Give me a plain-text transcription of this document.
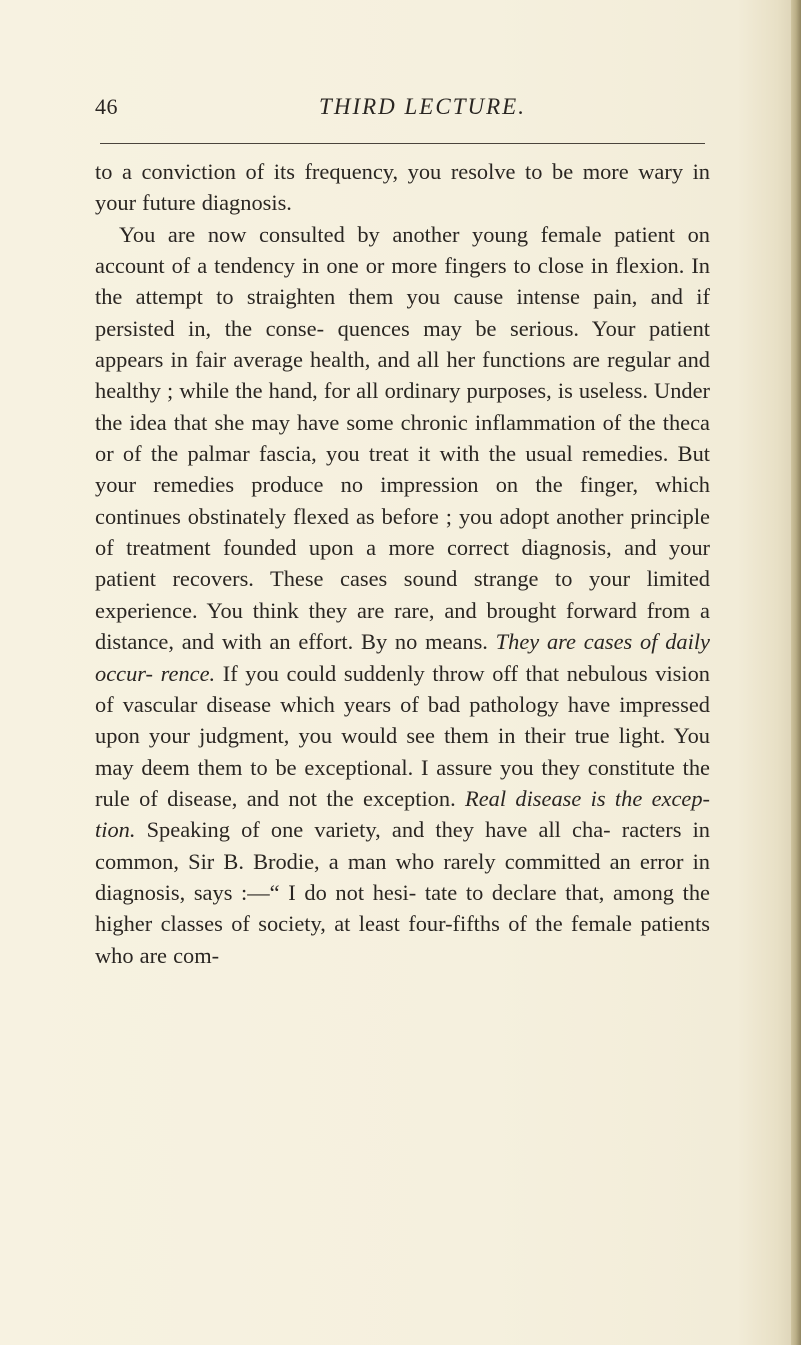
46	THIRD LECTURE.

to a conviction of its frequency, you resolve to be more wary in your future diagnosis.

You are now consulted by another young female patient on account of a tendency in one or more fingers to close in flexion. In the attempt to straighten them you cause intense pain, and if persisted in, the conse- quences may be serious. Your patient appears in fair average health, and all her functions are regular and healthy ; while the hand, for all ordinary purposes, is useless. Under the idea that she may have some chronic inflammation of the theca or of the palmar fascia, you treat it with the usual remedies. But your remedies produce no impression on the finger, which continues obstinately flexed as before ; you adopt another principle of treatment founded upon a more correct diagnosis, and your patient recovers. These cases sound strange to your limited experience. You think they are rare, and brought forward from a distance, and with an effort. By no means. They are cases of daily occur- rence. If you could suddenly throw off that nebulous vision of vascular disease which years of bad pathology have impressed upon your judgment, you would see them in their true light. You may deem them to be exceptional. I assure you they constitute the rule of disease, and not the exception. Real disease is the excep- tion. Speaking of one variety, and they have all cha- racters in common, Sir B. Brodie, a man who rarely committed an error in diagnosis, says :—“ I do not hesi- tate to declare that, among the higher classes of society, at least four-fifths of the female patients who are com-
